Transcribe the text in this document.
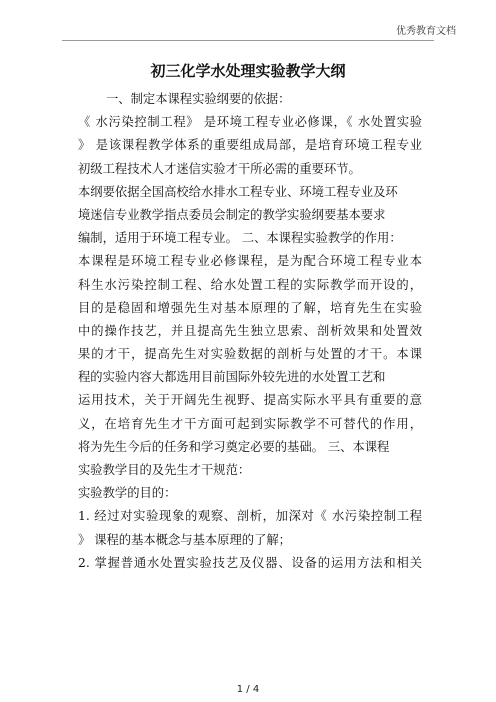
优秀教育文档
初三化学水处理实验教学大纲
一、制定本课程实验纲要的依据：
《 水污染控制工程》 是环境工程专业必修课，《 水处置实验
》 是该课程教学体系的重要组成局部，是培育环境工程专业
初级工程技术人才迷信实验才干所必需的重要环节。
本纲要依据全国高校给水排水工程专业、环境工程专业及环
境迷信专业教学指点委员会制定的教学实验纲要基本要求
编制，适用于环境工程专业。 二、本课程实验教学的作用：
本课程是环境工程专业必修课程，是为配合环境工程专业本
科生水污染控制工程、给水处置工程的实际教学而开设的，
目的是稳固和增强先生对基本原理的了解，培育先生在实验
中的操作技艺，并且提高先生独立思索、剖析效果和处置效
果的才干，提高先生对实验数据的剖析与处置的才干。本课
程的实验内容大都选用目前国际外较先进的水处置工艺和
运用技术，关于开阔先生视野、提高实际水平具有重要的意
义，在培育先生才干方面可起到实际教学不可替代的作用，
将为先生今后的任务和学习奠定必要的基础。 三、本课程
实验教学目的及先生才干规范：
实验教学的目的：
1. 经过对实验现象的观察、剖析，加深对《 水污染控制工程
》 课程的基本概念与基本原理的了解；
2. 掌握普通水处置实验技艺及仪器、设备的运用方法和相关
1 / 4
